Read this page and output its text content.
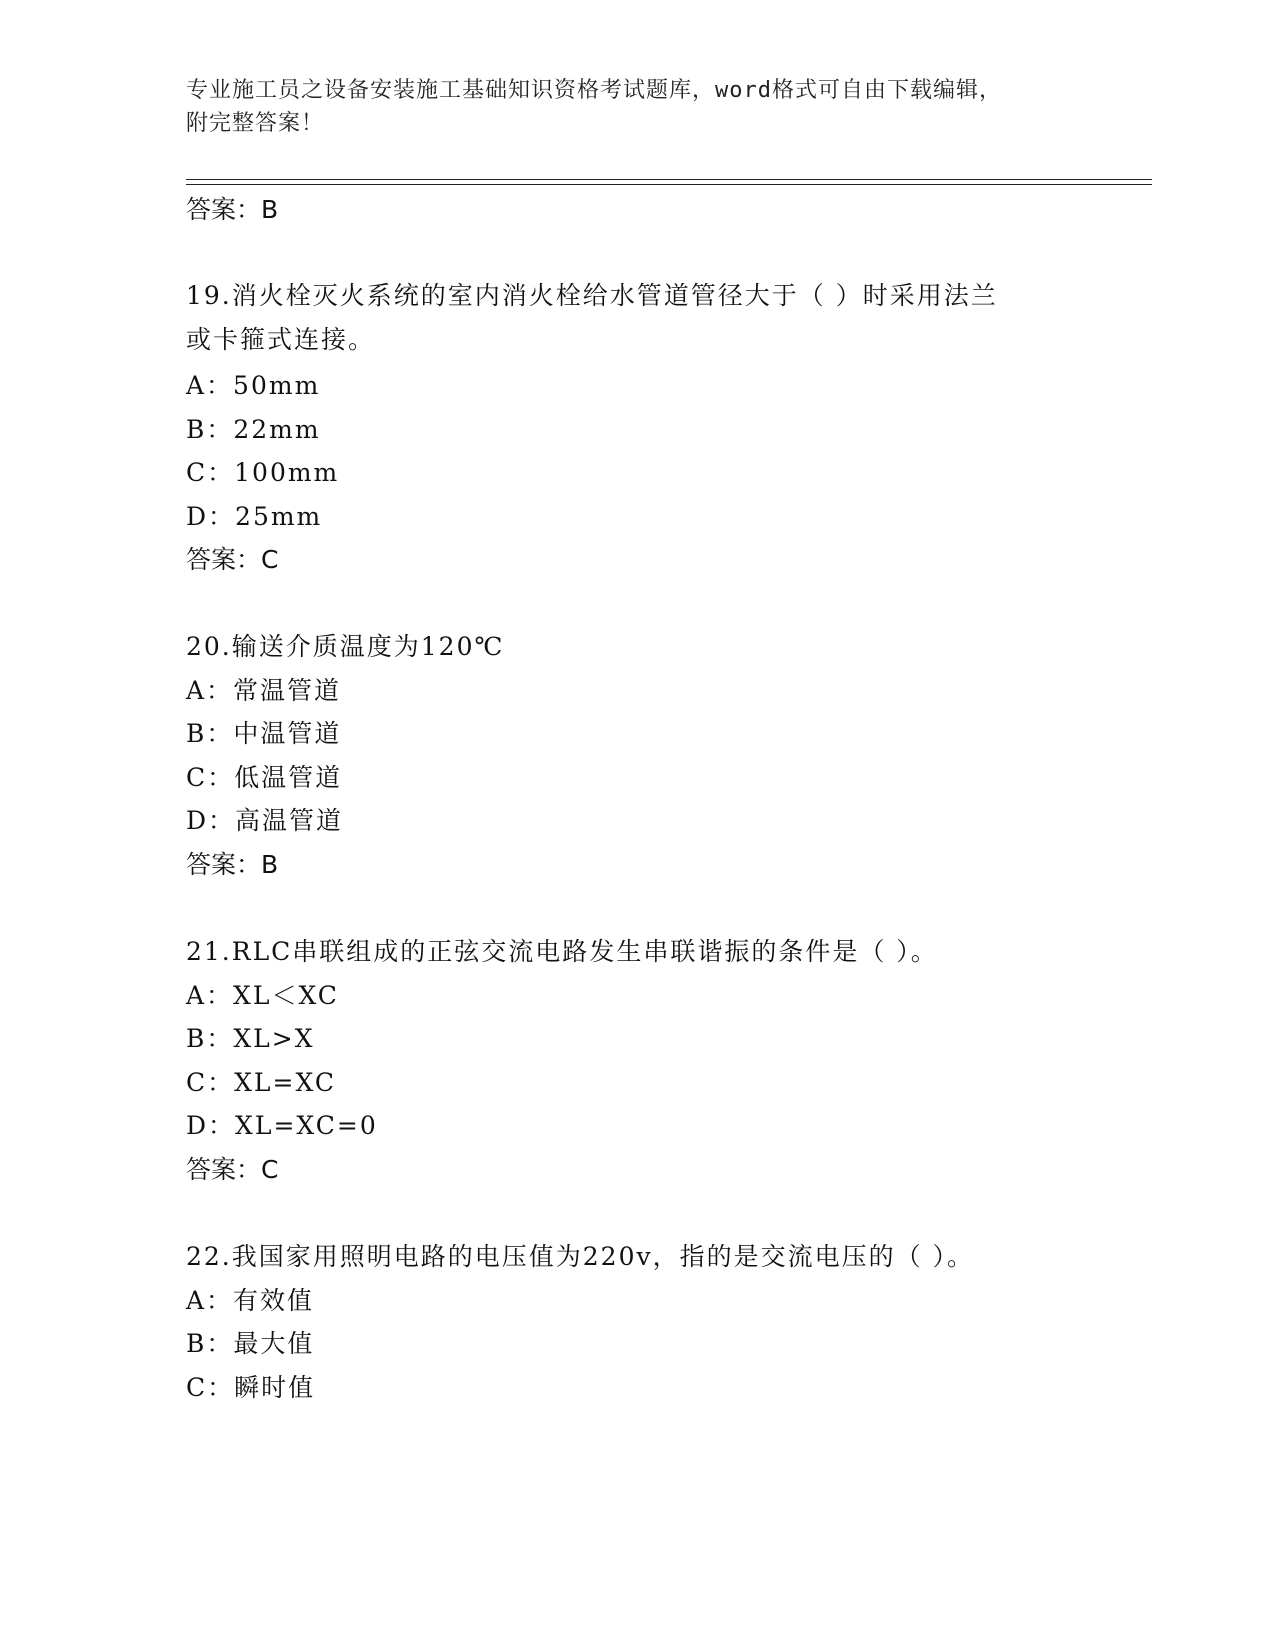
专业施工员之设备安装施工基础知识资格考试题库，word格式可自由下载编辑，
附完整答案！
答案：B
19.消火栓灭火系统的室内消火栓给水管道管径大于（ ）时采用法兰
或卡箍式连接。
A：50mm
B：22mm
C：100mm
D：25mm
答案：C
20.输送介质温度为120℃
A：常温管道
B：中温管道
C：低温管道
D：高温管道
答案：B
21.RLC串联组成的正弦交流电路发生串联谐振的条件是（ ）。
A：XL＜XC
B：XL>X
C：XL=XC
D：XL=XC=0
答案：C
22.我国家用照明电路的电压值为220v，指的是交流电压的（ ）。
A：有效值
B：最大值
C：瞬时值
